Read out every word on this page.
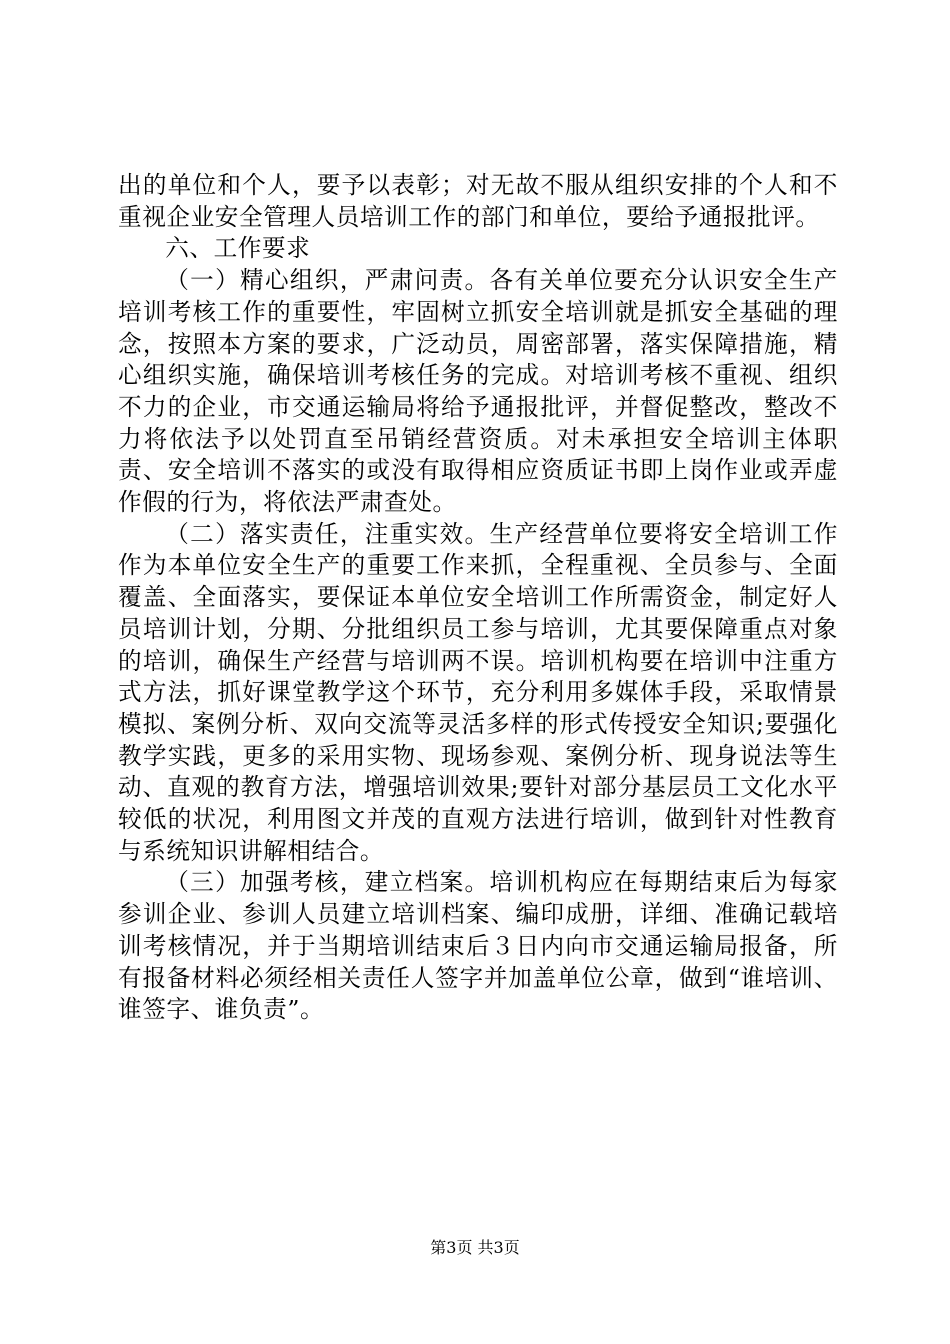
出的单位和个人，要予以表彰；对无故不服从组织安排的个人和不重视企业安全管理人员培训工作的部门和单位，要给予通报批评。

六、工作要求

（一）精心组织，严肃问责。各有关单位要充分认识安全生产培训考核工作的重要性，牢固树立抓安全培训就是抓安全基础的理念，按照本方案的要求，广泛动员，周密部署，落实保障措施，精心组织实施，确保培训考核任务的完成。对培训考核不重视、组织不力的企业，市交通运输局将给予通报批评，并督促整改，整改不力将依法予以处罚直至吊销经营资质。对未承担安全培训主体职责、安全培训不落实的或没有取得相应资质证书即上岗作业或弄虚作假的行为，将依法严肃查处。

（二）落实责任，注重实效。生产经营单位要将安全培训工作作为本单位安全生产的重要工作来抓，全程重视、全员参与、全面覆盖、全面落实，要保证本单位安全培训工作所需资金，制定好人员培训计划，分期、分批组织员工参与培训，尤其要保障重点对象的培训，确保生产经营与培训两不误。培训机构要在培训中注重方式方法，抓好课堂教学这个环节，充分利用多媒体手段，采取情景模拟、案例分析、双向交流等灵活多样的形式传授安全知识;要强化教学实践，更多的采用实物、现场参观、案例分析、现身说法等生动、直观的教育方法，增强培训效果;要针对部分基层员工文化水平较低的状况，利用图文并茂的直观方法进行培训，做到针对性教育与系统知识讲解相结合。

（三）加强考核，建立档案。培训机构应在每期结束后为每家参训企业、参训人员建立培训档案、编印成册，详细、准确记载培训考核情况，并于当期培训结束后３日内向市交通运输局报备，所有报备材料必须经相关责任人签字并加盖单位公章，做到“谁培训、谁签字、谁负责”。

第3页 共3页
